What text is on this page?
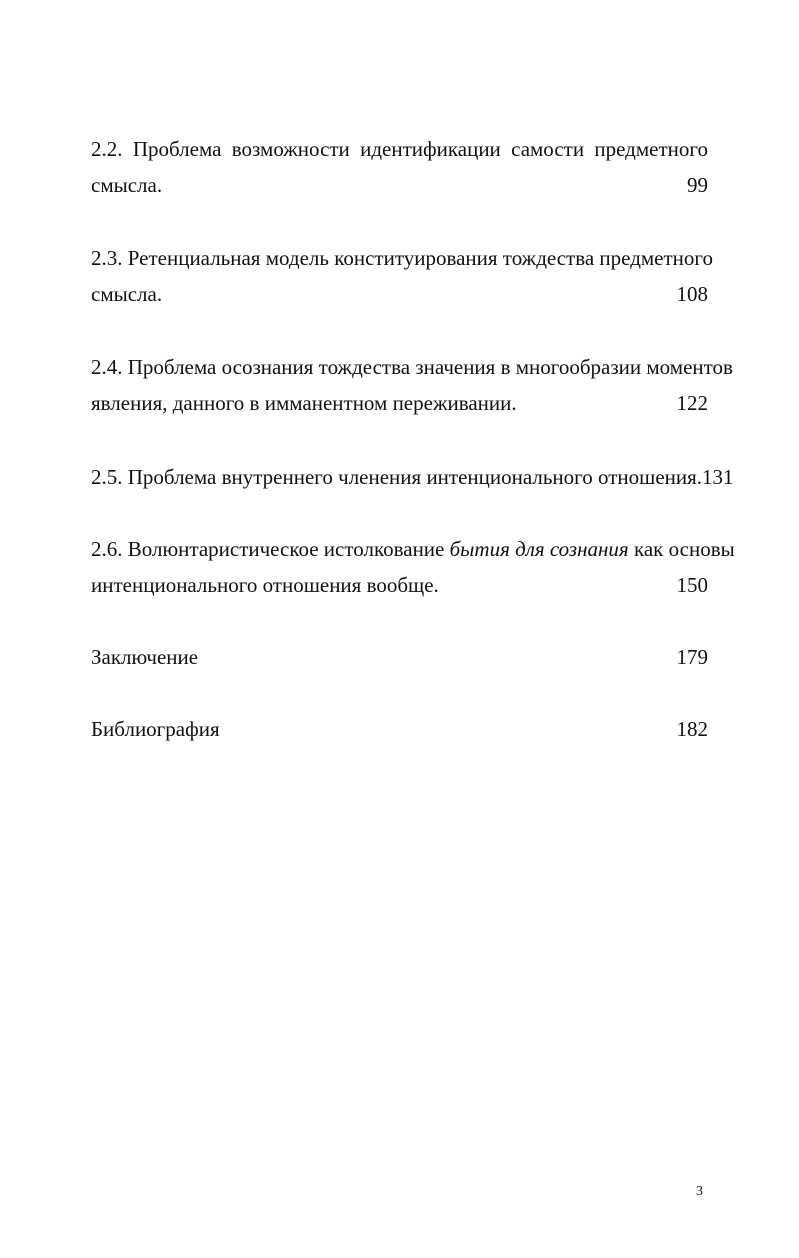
2.2. Проблема возможности идентификации самости предметного
смысла.	99
2.3. Ретенциальная модель конституирования тождества предметного
смысла.	108
2.4. Проблема осознания тождества значения в многообразии моментов
явления, данного в имманентном переживании.	122
2.5. Проблема внутреннего членения интенционального отношения. 131
2.6. Волюнтаристическое истолкование бытия для сознания как основы
интенционального отношения вообще.	150
Заключение	179
Библиография	182
3
